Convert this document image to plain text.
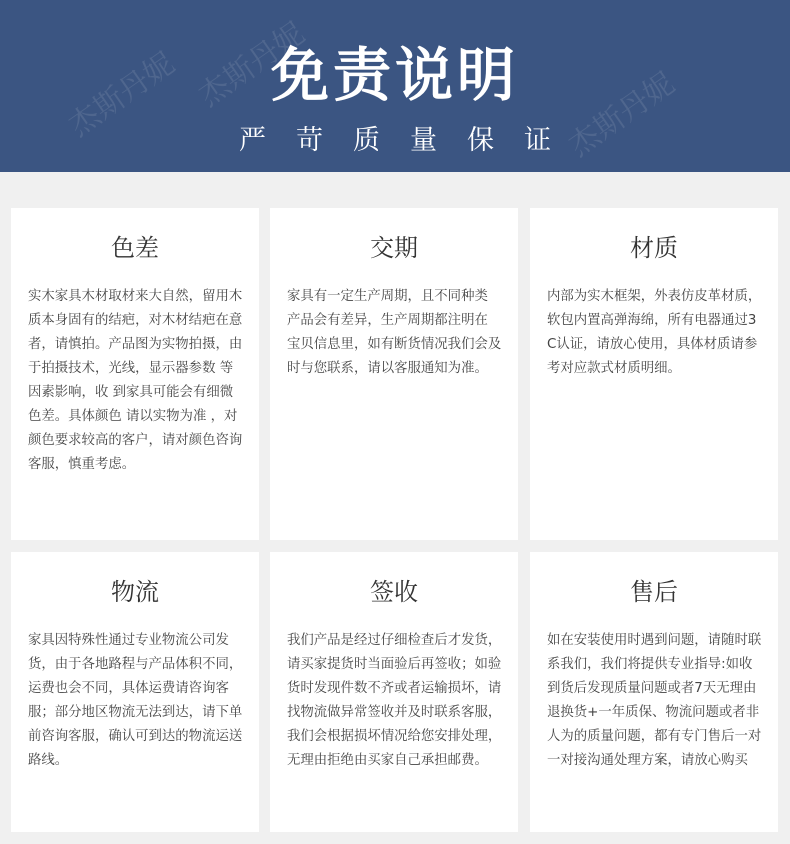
杰斯丹妮 杰斯丹妮
杰斯丹妮
免责说明
严苛质量保证
色差
实木家具木材取材来大自然，留用木质本身固有的结疤，对木材结疤在意者，请慎拍。产品图为实物拍摄，由于拍摄技术，光线，显示器参数 等因素影响，收 到家具可能会有细微色差。具体颜色 请以实物为准 ，对颜色要求较高的客户，请对颜色咨询客服，慎重考虑。
交期
家具有一定生产周期，且不同种类 产品会有差异，生产周期都注明在 宝贝信息里，如有断货情况我们会及时与您联系，请以客服通知为准。
材质
内部为实木框架，外表仿皮革材质，软包内置高弹海绵，所有电器通过3C认证，请放心使用，具体材质请参考对应款式材质明细。
物流
家具因特殊性通过专业物流公司发货，由于各地路程与产品体积不同，运费也会不同，具体运费请咨询客服；部分地区物流无法到达，请下单前咨询客服，确认可到达的物流运送路线。
签收
我们产品是经过仔细检查后才发货，请买家提货时当面验后再签收；如验货时发现件数不齐或者运输损坏，请找物流做异常签收并及时联系客服，我们会根据损坏情况给您安排处理，无理由拒绝由买家自己承担邮费。
售后
如在安装使用时遇到问题，请随时联系我们，我们将提供专业指导:如收到货后发现质量问题或者7天无理由退换货+一年质保、物流问题或者非人为的质量问题，都有专门售后一对一对接沟通处理方案，请放心购买
